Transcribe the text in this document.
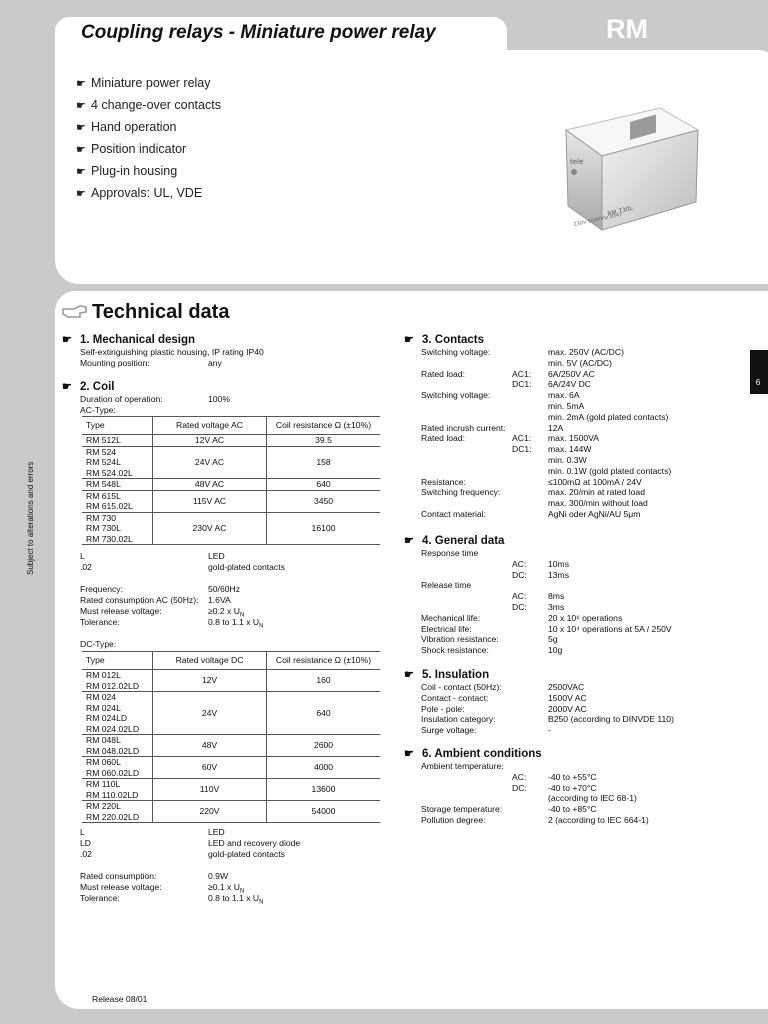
Coupling relays - Miniature power relay	RM
☛ Miniature power relay
☛ 4 change-over contacts
☛ Hand operation
☛ Position indicator
☛ Plug-in housing
☛ Approvals: UL, VDE
tele
RM 730L
230V 50/60Hz 0347
Technical data
☛ 1. Mechanical design
Self-extinguishing plastic housing, IP rating IP40
Mounting position:	any
☛ 2. Coil
Duration of operation:	100%
AC-Type:
Type	Rated voltage AC	Coil resistance Ω (±10%)
RM 512L	12V AC	39.5
RM 524
RM 524L
RM 524.02L	24V AC	158
RM 548L	48V AC	640
RM 615L
RM 615.02L	115V AC	3450
RM 730
RM 730L
RM 730.02L	230V AC	16100
L	LED
.02	gold-plated contacts
Frequency:	50/60Hz
Rated consumption AC (50Hz): 1.6VA
Must release voltage:	≥0.2 x $U_N$
Tolerance:	0.8 to 1.1 x $U_N$
DC-Type:
Type	Rated voltage DC	Coil resistance Ω (±10%)
RM 012L
RM 012.02LD	12V	160
RM 024
RM 024L
RM 024LD
RM 024.02LD	24V	640
RM 048L
RM 048.02LD	48V	2600
RM 060L
RM 060.02LD	60V	4000
RM 110L
RM 110.02LD	110V	13600
RM 220L
RM 220.02LD	220V	54000
L	LED
LD	LED and recovery diode
.02	gold-plated contacts
Rated consumption:	0.9W
Must release voltage:	≥0.1 x $U_N$
Tolerance:	0.8 to 1.1 x $U_N$
☛ 3. Contacts
Switching voltage:	max. 250V (AC/DC)
min. 5V (AC/DC)
Rated load:	AC1: 6A/250V AC
DC1: 6A/24V DC
Switching voltage:	max. 6A
min. 5mA
min. 2mA (gold plated contacts)
Rated incrush current:	12A
Rated load:	AC1: max. 1500VA
DC1: max. 144W
min. 0.3W
min. 0.1W (gold plated contacts)
Resistance:	≤100mΩ at 100mA / 24V
Switching frequency:	max. 20/min at rated load
max. 300/min without load
Contact material:	AgNi oder AgNi/AU 5μm
☛ 4. General data
Response time
AC:	10ms
DC: 13ms
Release time
AC:	8ms
DC: 3ms
Mechanical life:	20 x 10⁶ operations
Electrical life:	10 x 10⁴ operations at 5A / 250V
Vibration resistance:	5g
Shock resistance:	10g
☛ 5. Insulation
Coil - contact (50Hz):	2500VAC
Contact - contact:	1500V AC
Pole - pole:	2000V AC
Insulation category:	B250 (according to DINVDE 110)
Surge voltage:	-
☛ 6. Ambient conditions
Ambient temperature:
AC:	-40 to +55°C
DC: -40 to +70°C
(according to IEC 68-1)
Storage temperature:	-40 to +85°C
Pollution degree:	2 (according to IEC 664-1)
6
Subject to alterations and errors
Release 08/01
